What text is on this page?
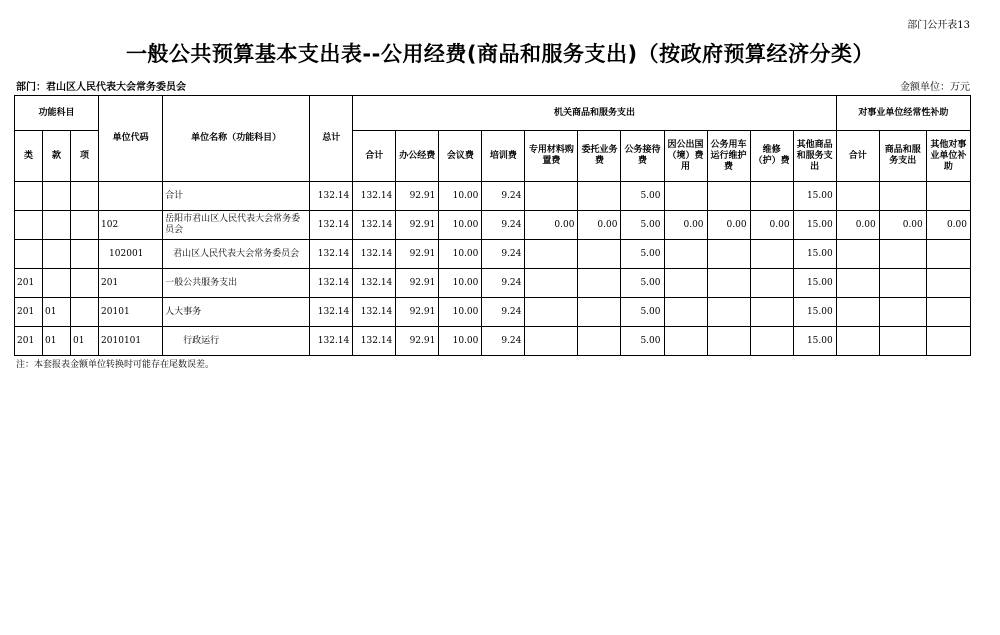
部门公开表13
一般公共预算基本支出表--公用经费(商品和服务支出)（按政府预算经济分类）
部门：君山区人民代表大会常务委员会	金额单位：万元
功能科目			单位代码	单位名称（功能科目）	总计	机关商品和服务支出											对事业单位经常性补助		
类	款	项				合计	办公经费	会议费	培训费	专用材料购置费	委托业务费	公务接待费	因公出国（境）费用	公务用车运行维护费	维修（护）费	其他商品和服务支出	合计	商品和服务支出	其他对事业单位补助
				合计	132.14	132.14	92.91	10.00	9.24			5.00				15.00			
			102	岳阳市君山区人民代表大会常务委员会	132.14	132.14	92.91	10.00	9.24	0.00	0.00	5.00	0.00	0.00	0.00	15.00	0.00	0.00	0.00
			102001	君山区人民代表大会常务委员会	132.14	132.14	92.91	10.00	9.24			5.00				15.00			
201			201	一般公共服务支出	132.14	132.14	92.91	10.00	9.24			5.00				15.00			
201	01		20101	人大事务	132.14	132.14	92.91	10.00	9.24			5.00				15.00			
201	01	01	2010101	行政运行	132.14	132.14	92.91	10.00	9.24			5.00				15.00			
注：本套报表金额单位转换时可能存在尾数误差。
